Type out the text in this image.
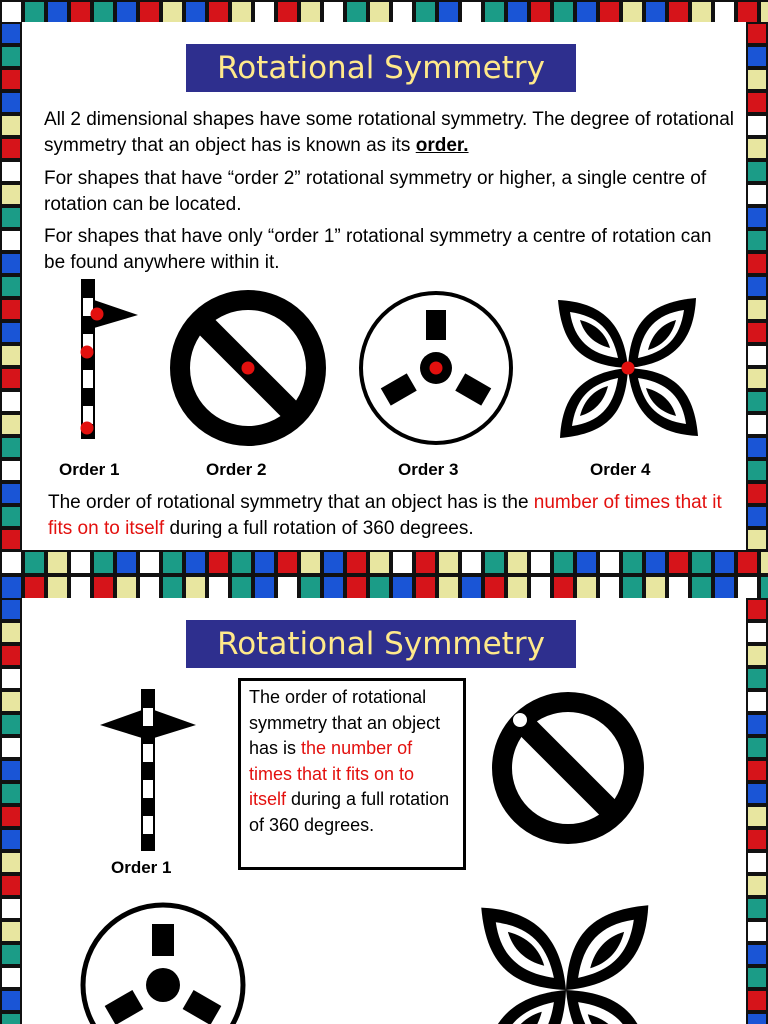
Rotational Symmetry

All 2 dimensional shapes have some rotational symmetry. The degree of rotational symmetry that an object has is known as its order.

For shapes that have “order 2” rotational symmetry or higher, a single centre of rotation can be located.

For shapes that have only “order 1” rotational symmetry a centre of rotation can be found anywhere within it.

Order 1	Order 2	Order 3	Order 4

The order of rotational symmetry that an object has is the number of times that it fits on to itself during a full rotation of 360 degrees.

Rotational Symmetry
Order 1
The order of rotational symmetry that an object has is the number of times that it fits on to itself during a full rotation of 360 degrees.
